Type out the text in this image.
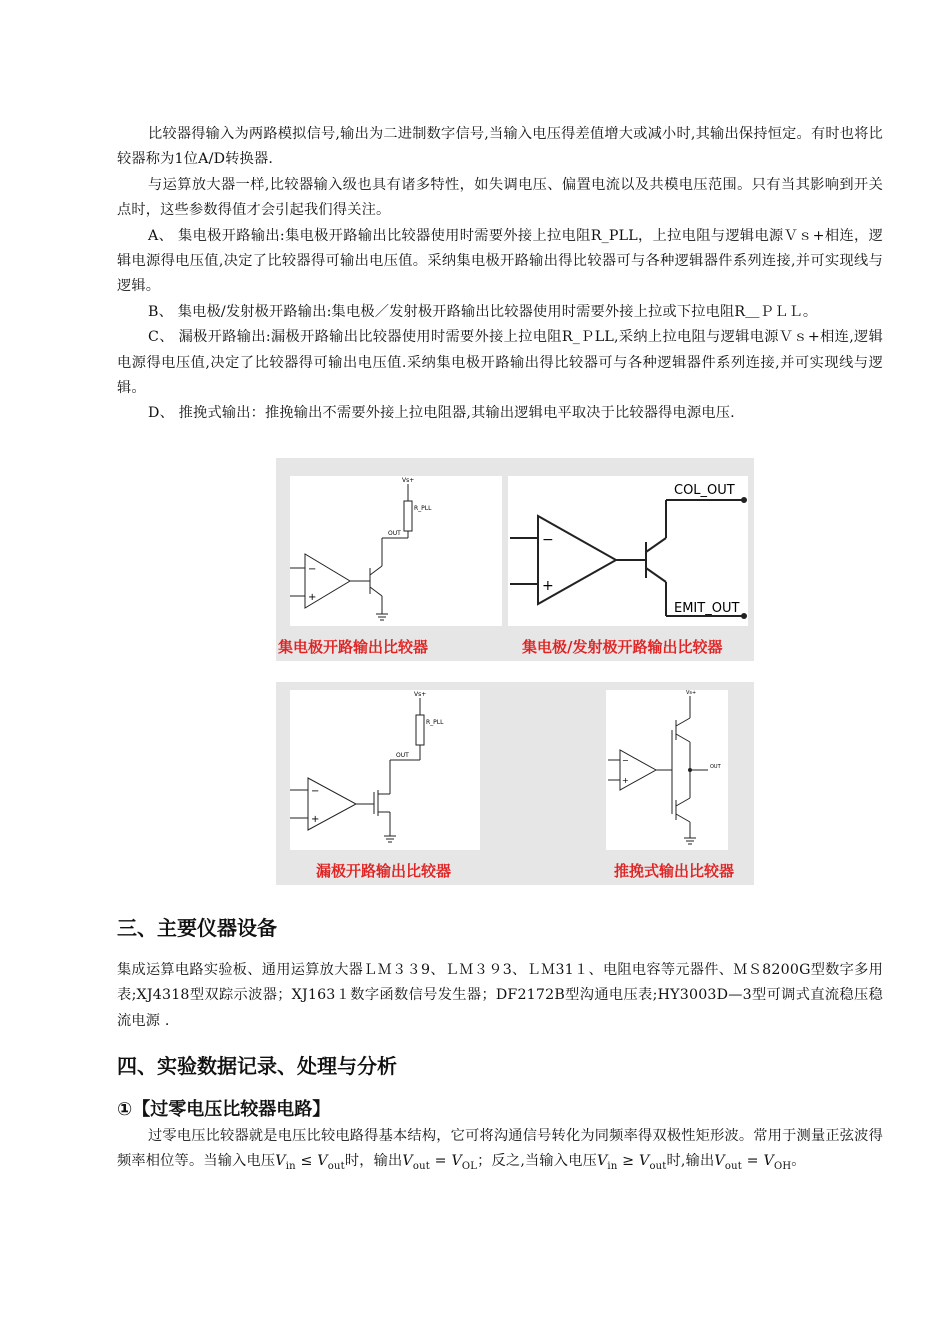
比较器得输入为两路模拟信号,输出为二进制数字信号,当输入电压得差值增大或减小时,其输出保持恒定。有时也将比较器称为1位A/D转换器.

与运算放大器一样,比较器输入级也具有诸多特性，如失调电压、偏置电流以及共模电压范围。只有当其影响到开关点时，这些参数得值才会引起我们得关注。

A、 集电极开路输出:集电极开路输出比较器使用时需要外接上拉电阻R_PLL，上拉电阻与逻辑电源Ｖｓ+相连，逻辑电源得电压值,决定了比较器得可输出电压值。采纳集电极开路输出得比较器可与各种逻辑器件系列连接,并可实现线与逻辑。

B、 集电极/发射极开路输出:集电极／发射极开路输出比较器使用时需要外接上拉或下拉电阻R＿ＰＬＬ。

C、 漏极开路输出:漏极开路输出比较器使用时需要外接上拉电阻R_ＰLL,采纳上拉电阻与逻辑电源Ｖｓ+相连,逻辑电源得电压值,决定了比较器得可输出电压值.采纳集电极开路输出得比较器可与各种逻辑器件系列连接,并可实现线与逻辑。

D、 推挽式输出：推挽输出不需要外接上拉电阻器,其输出逻辑电平取决于比较器得电源电压.

−
+
Vs+
R_PLL
OUT	−
+
COL_OUT
EMIT_OUT
集电极开路输出比较器	集电极/发射极开路输出比较器
−
+
Vs+
R_PLL
OUT
−
+
Vs+
OUT
漏极开路输出比较器	推挽式输出比较器
三、主要仪器设备

集成运算电路实验板、通用运算放大器ＬＭ３３9、ＬＭ３９3、ＬＭ31１、电阻电容等元器件、ＭＳ8200G型数字多用表;XJ4318型双踪示波器；XJ163１数字函数信号发生器；DF2172B型沟通电压表;HY3003D—3型可调式直流稳压稳流电源 .

四、实验数据记录、处理与分析
①【过零电压比较器电路】

过零电压比较器就是电压比较电路得基本结构，它可将沟通信号转化为同频率得双极性矩形波。常用于测量正弦波得频率相位等。当输入电压$V_{in} \le V_{out}$时，输出$V_{out} = V_{OL}$；反之,当输入电压$V_{in} \ge V_{out}$时,输出$V_{out} = V_{OH}$。
